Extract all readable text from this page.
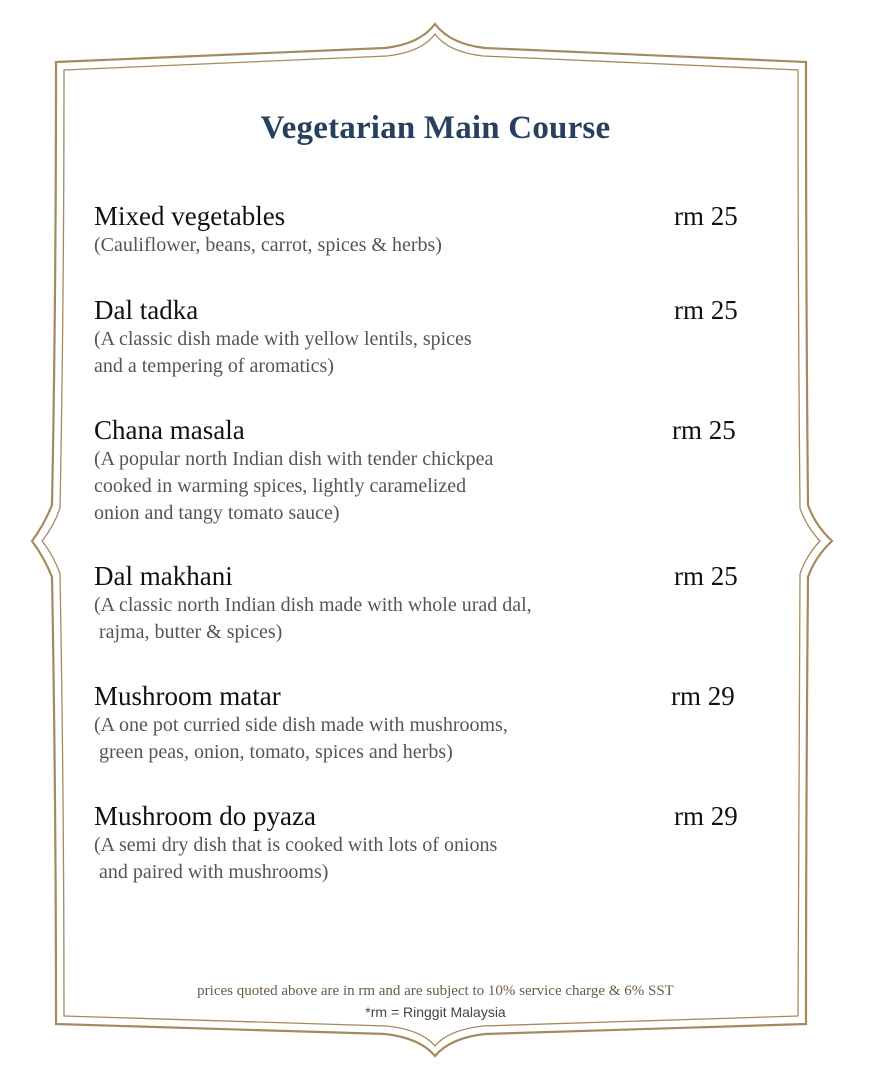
Vegetarian Main Course
Mixed vegetables	rm 25
(Cauliflower, beans, carrot, spices & herbs)
Dal tadka	rm 25
(A classic dish made with yellow lentils, spices
and a tempering of aromatics)
Chana masala	rm 25
(A popular north Indian dish with tender chickpea
cooked in warming spices, lightly caramelized
onion and tangy tomato sauce)
Dal makhani	rm 25
(A classic north Indian dish made with whole urad dal,
rajma, butter & spices)
Mushroom matar	rm 29
(A one pot curried side dish made with mushrooms,
green peas, onion, tomato, spices and herbs)
Mushroom do pyaza	rm 29
(A semi dry dish that is cooked with lots of onions
and paired with mushrooms)
prices quoted above are in rm and are subject to 10% service charge & 6% SST
*rm = Ringgit Malaysia
